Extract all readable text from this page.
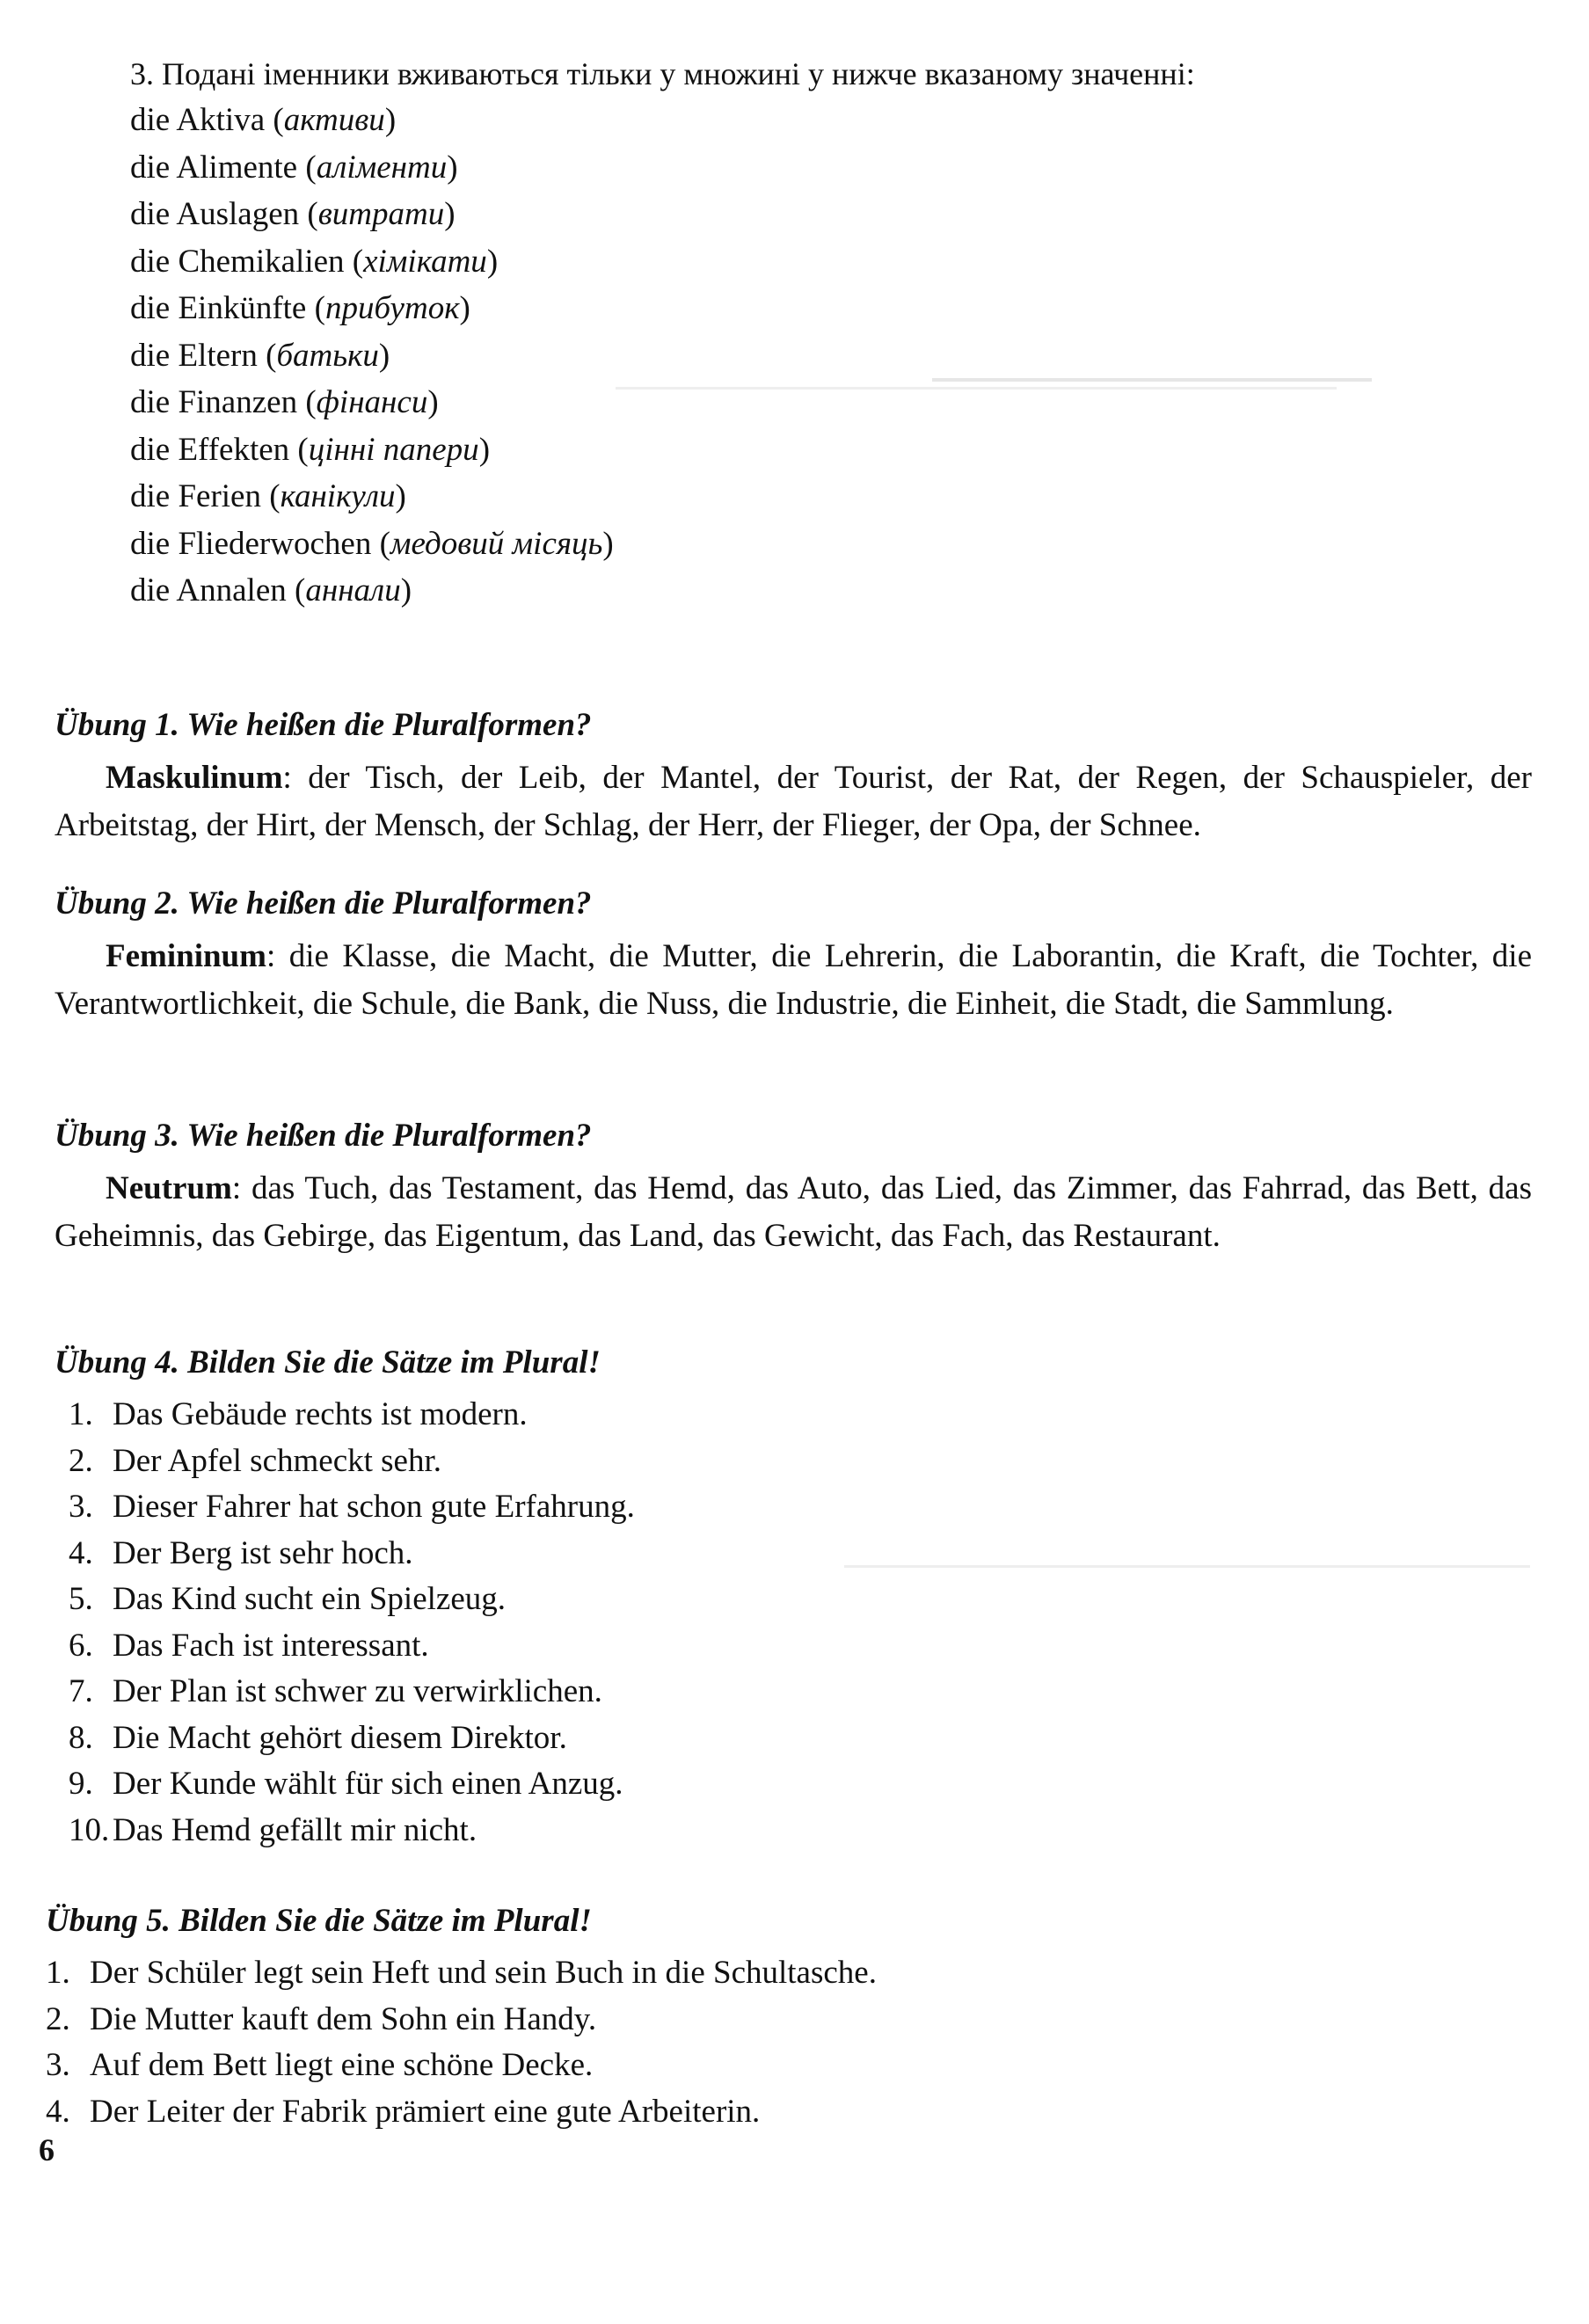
3. Подані іменники вживаються тільки у множині у нижче вказаному значенні:
die Aktiva (активи)
die Alimente (аліменти)
die Auslagen (витрати)
die Chemikalien (хімікати)
die Einkünfte (прибуток)
die Eltern (батьки)
die Finanzen (фінанси)
die Effekten (цінні папери)
die Ferien (канікули)
die Fliederwochen (медовий місяць)
die Annalen (аннали)

Übung 1. Wie heißen die Pluralformen?

Maskulinum: der Tisch, der Leib, der Mantel, der Tourist, der Rat, der Regen, der Schauspieler, der Arbeitstag, der Hirt, der Mensch, der Schlag, der Herr, der Flieger, der Opa, der Schnee.

Übung 2. Wie heißen die Pluralformen?

Femininum: die Klasse, die Macht, die Mutter, die Lehrerin, die Laborantin, die Kraft, die Tochter, die Verantwortlichkeit, die Schule, die Bank, die Nuss, die Industrie, die Einheit, die Stadt, die Sammlung.

Übung 3. Wie heißen die Pluralformen?

Neutrum: das Tuch, das Testament, das Hemd, das Auto, das Lied, das Zimmer, das Fahrrad, das Bett, das Geheimnis, das Gebirge, das Eigentum, das Land, das Gewicht, das Fach, das Restaurant.

Übung 4. Bilden Sie die Sätze im Plural!

1. Das Gebäude rechts ist modern.
2. Der Apfel schmeckt sehr.
3. Dieser Fahrer hat schon gute Erfahrung.
4. Der Berg ist sehr hoch.
5. Das Kind sucht ein Spielzeug.
6. Das Fach ist interessant.
7. Der Plan ist schwer zu verwirklichen.
8. Die Macht gehört diesem Direktor.
9. Der Kunde wählt für sich einen Anzug.
10. Das Hemd gefällt mir nicht.

Übung 5. Bilden Sie die Sätze im Plural!

1. Der Schüler legt sein Heft und sein Buch in die Schultasche.
2. Die Mutter kauft dem Sohn ein Handy.
3. Auf dem Bett liegt eine schöne Decke.
4. Der Leiter der Fabrik prämiert eine gute Arbeiterin.
6
